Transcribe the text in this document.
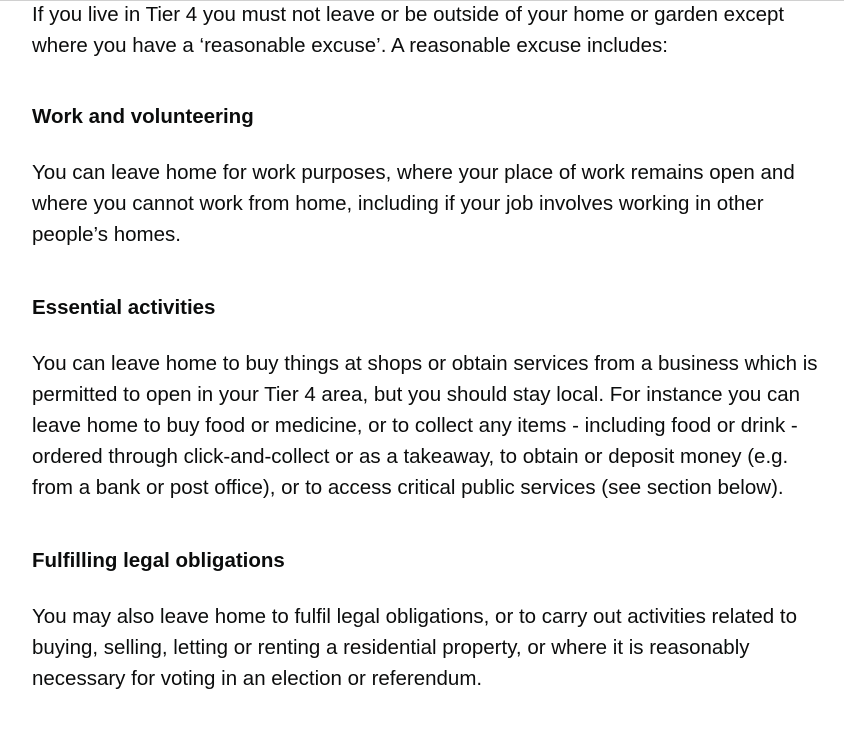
If you live in Tier 4 you must not leave or be outside of your home or garden except where you have a ‘reasonable excuse’. A reasonable excuse includes:

Work and volunteering

You can leave home for work purposes, where your place of work remains open and where you cannot work from home, including if your job involves working in other people’s homes.

Essential activities

You can leave home to buy things at shops or obtain services from a business which is permitted to open in your Tier 4 area, but you should stay local. For instance you can leave home to buy food or medicine, or to collect any items - including food or drink - ordered through click-and-collect or as a takeaway, to obtain or deposit money (e.g. from a bank or post office), or to access critical public services (see section below).

Fulfilling legal obligations

You may also leave home to fulfil legal obligations, or to carry out activities related to buying, selling, letting or renting a residential property, or where it is reasonably necessary for voting in an election or referendum.
